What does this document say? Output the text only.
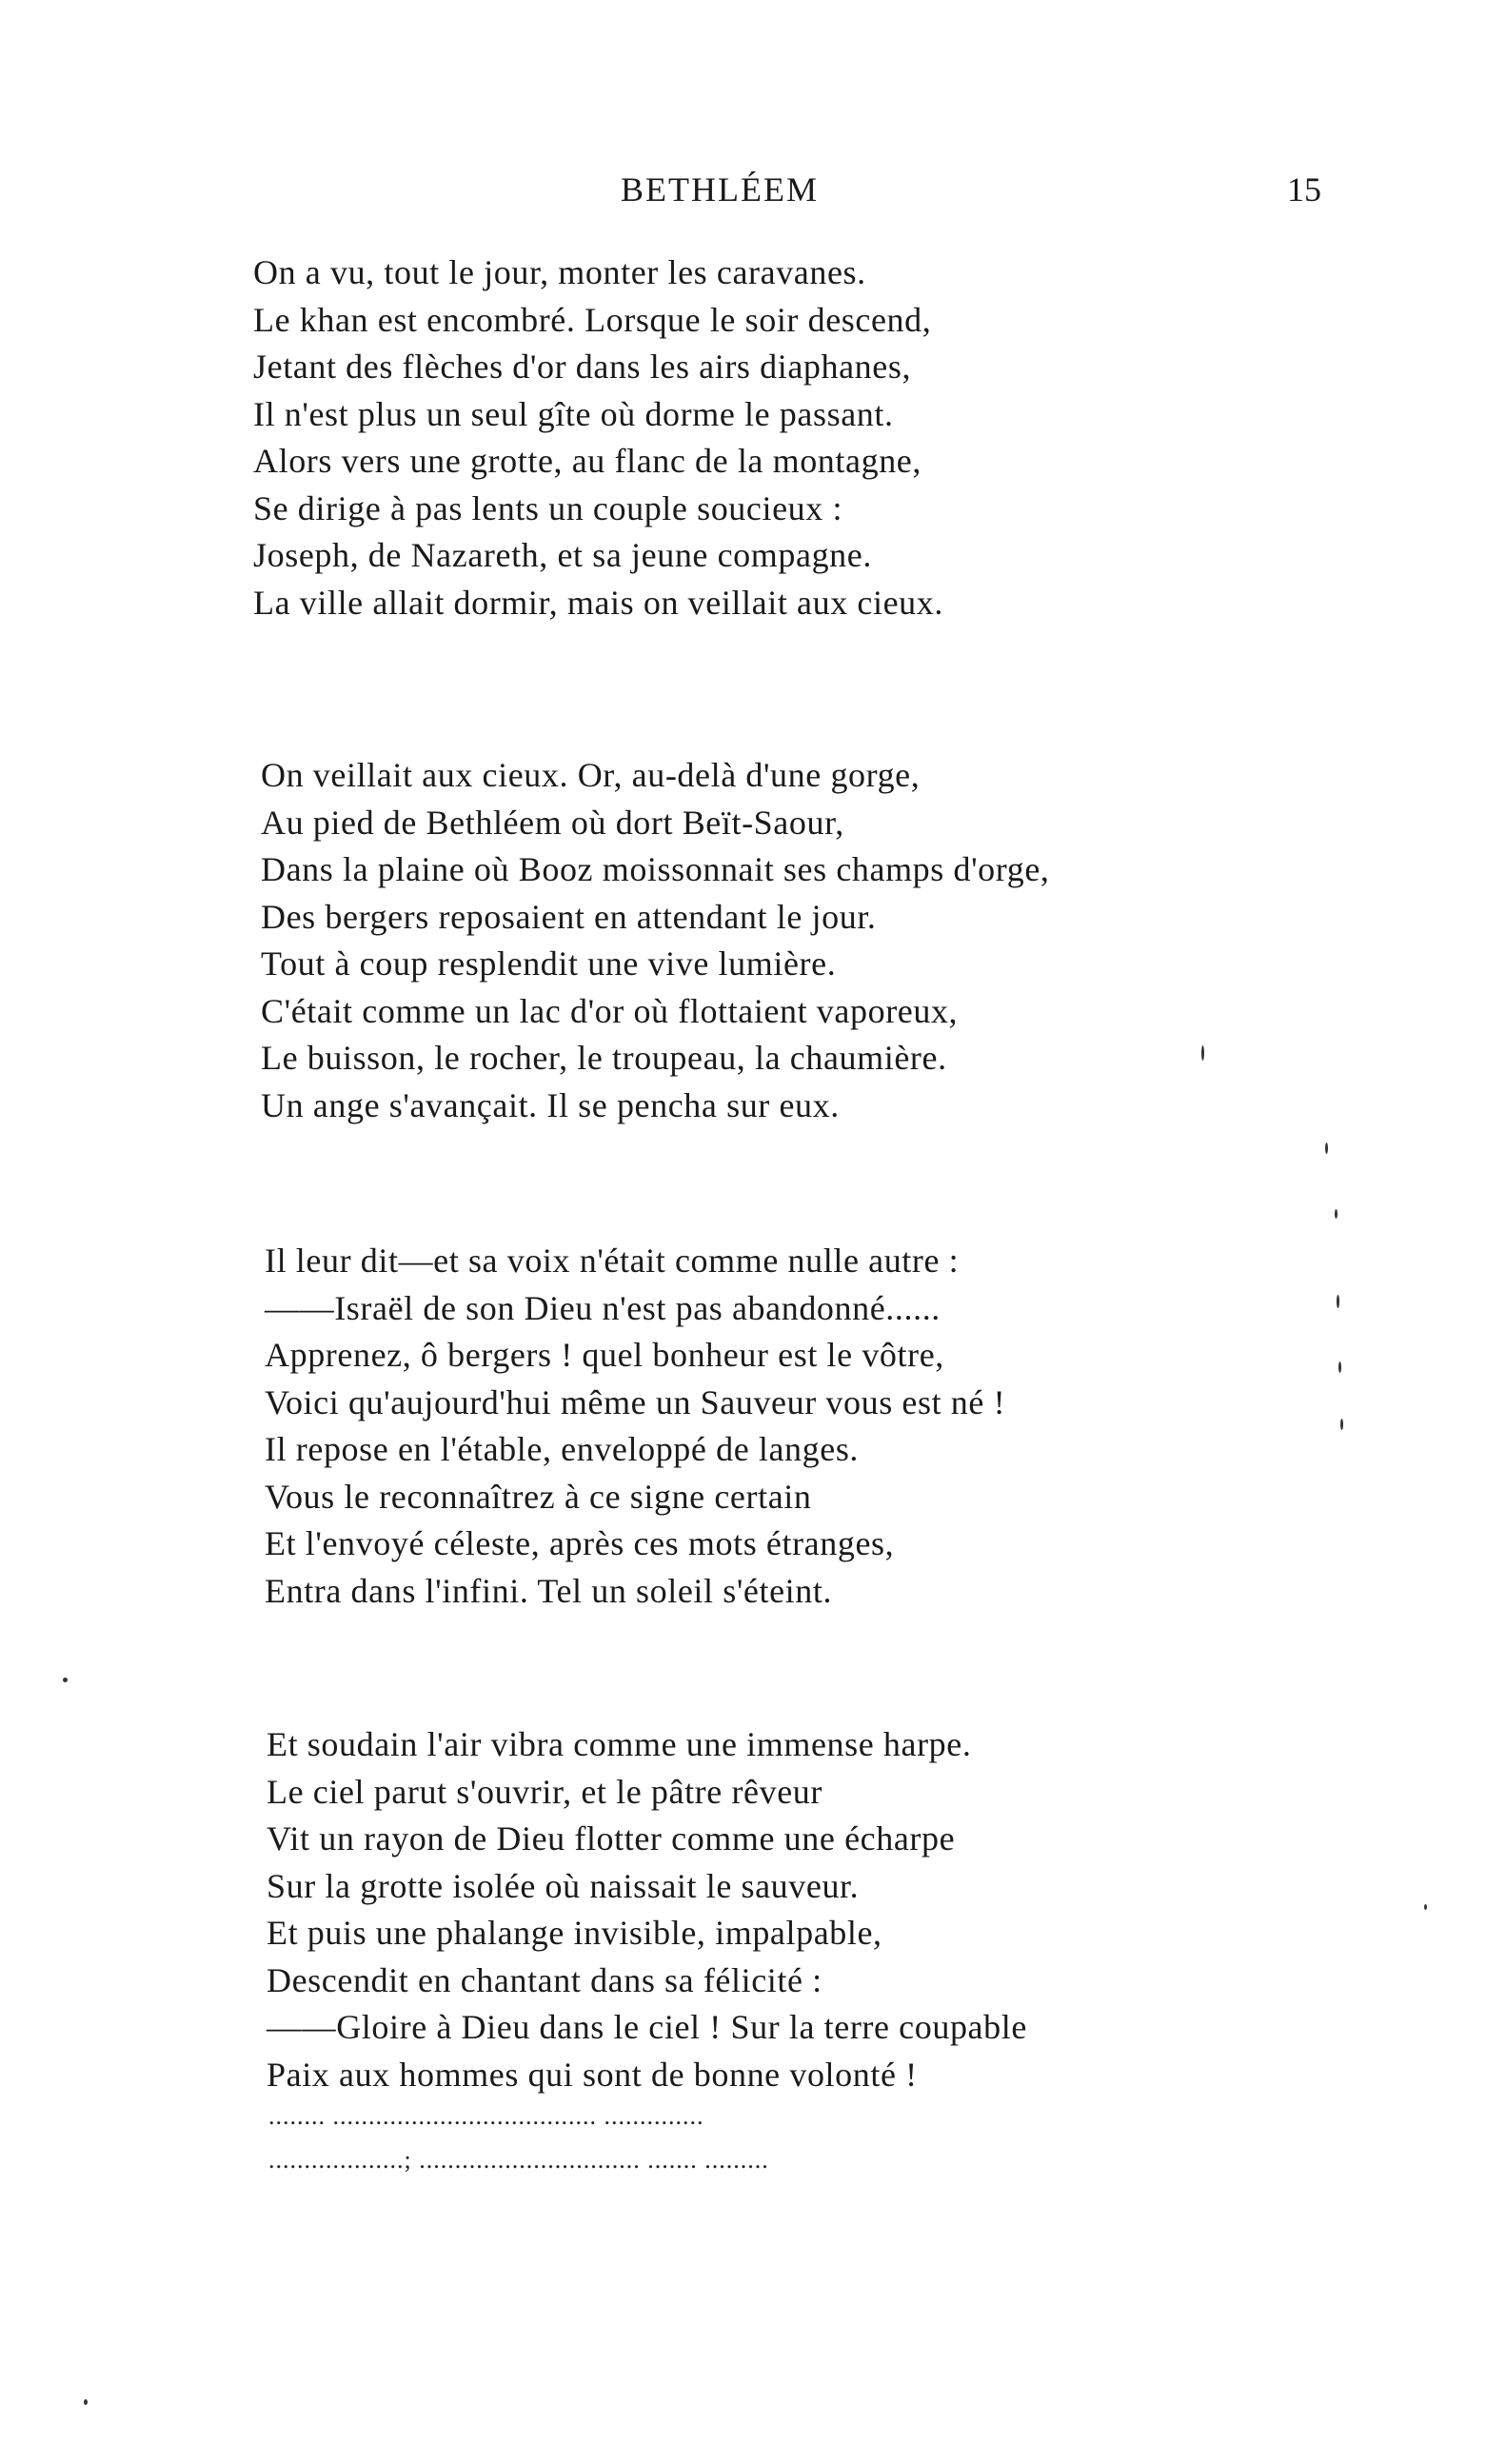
BETHLÉEM	15
On a vu, tout le jour, monter les caravanes.
Le khan est encombré. Lorsque le soir descend,
Jetant des flèches d'or dans les airs diaphanes,
Il n'est plus un seul gîte où dorme le passant.
Alors vers une grotte, au flanc de la montagne,
Se dirige à pas lents un couple soucieux :
Joseph, de Nazareth, et sa jeune compagne.
La ville allait dormir, mais on veillait aux cieux.
On veillait aux cieux. Or, au-delà d'une gorge,
Au pied de Bethléem où dort Beït-Saour,
Dans la plaine où Booz moissonnait ses champs d'orge,
Des bergers reposaient en attendant le jour.
Tout à coup resplendit une vive lumière.
C'était comme un lac d'or où flottaient vaporeux,
Le buisson, le rocher, le troupeau, la chaumière.
Un ange s'avançait. Il se pencha sur eux.
Il leur dit—et sa voix n'était comme nulle autre :
——Israël de son Dieu n'est pas abandonné......
Apprenez, ô bergers ! quel bonheur est le vôtre,
Voici qu'aujourd'hui même un Sauveur vous est né !
Il repose en l'étable, enveloppé de langes.
Vous le reconnaîtrez à ce signe certain
Et l'envoyé céleste, après ces mots étranges,
Entra dans l'infini. Tel un soleil s'éteint.
Et soudain l'air vibra comme une immense harpe.
Le ciel parut s'ouvrir, et le pâtre rêveur
Vit un rayon de Dieu flotter comme une écharpe
Sur la grotte isolée où naissait le sauveur.
Et puis une phalange invisible, impalpable,
Descendit en chantant dans sa félicité :
——Gloire à Dieu dans le ciel ! Sur la terre coupable
Paix aux hommes qui sont de bonne volonté !
........ ..................................... ..............
...................; ............................... ....... .........
